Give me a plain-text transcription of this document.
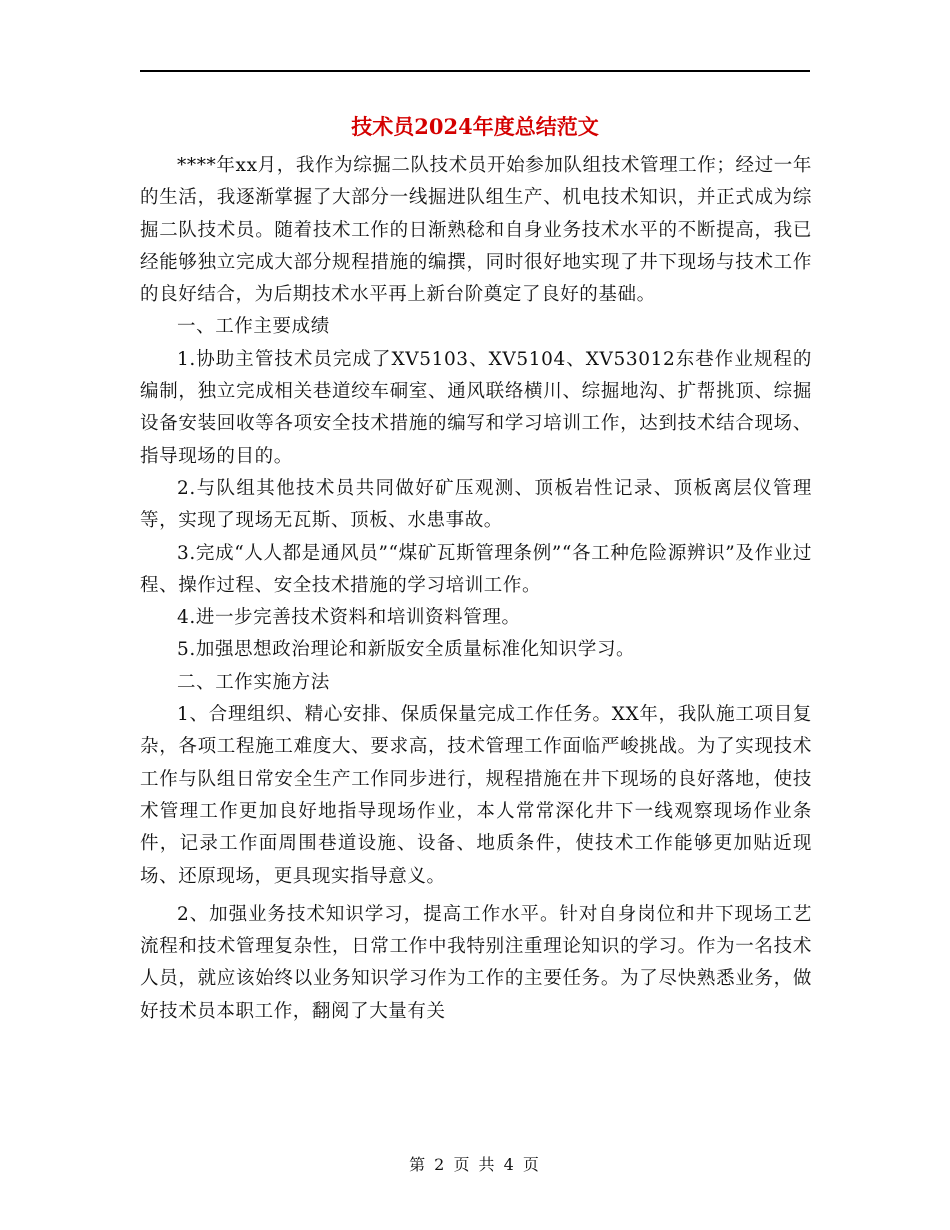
技术员2024年度总结范文

****年xx月，我作为综掘二队技术员开始参加队组技术管理工作；经过一年的生活，我逐渐掌握了大部分一线掘进队组生产、机电技术知识，并正式成为综掘二队技术员。随着技术工作的日渐熟稔和自身业务技术水平的不断提高，我已经能够独立完成大部分规程措施的编撰，同时很好地实现了井下现场与技术工作的良好结合，为后期技术水平再上新台阶奠定了良好的基础。

一、工作主要成绩

1.协助主管技术员完成了XV5103、XV5104、XV53012东巷作业规程的编制，独立完成相关巷道绞车硐室、通风联络横川、综掘地沟、扩帮挑顶、综掘设备安装回收等各项安全技术措施的编写和学习培训工作，达到技术结合现场、指导现场的目的。

2.与队组其他技术员共同做好矿压观测、顶板岩性记录、顶板离层仪管理等，实现了现场无瓦斯、顶板、水患事故。

3.完成“人人都是通风员”“煤矿瓦斯管理条例”“各工种危险源辨识”及作业过程、操作过程、安全技术措施的学习培训工作。

4.进一步完善技术资料和培训资料管理。

5.加强思想政治理论和新版安全质量标准化知识学习。

二、工作实施方法

1、合理组织、精心安排、保质保量完成工作任务。XX年，我队施工项目复杂，各项工程施工难度大、要求高，技术管理工作面临严峻挑战。为了实现技术工作与队组日常安全生产工作同步进行，规程措施在井下现场的良好落地，使技术管理工作更加良好地指导现场作业，本人常常深化井下一线观察现场作业条件，记录工作面周围巷道设施、设备、地质条件，使技术工作能够更加贴近现场、还原现场，更具现实指导意义。

2、加强业务技术知识学习，提高工作水平。针对自身岗位和井下现场工艺流程和技术管理复杂性，日常工作中我特别注重理论知识的学习。作为一名技术人员，就应该始终以业务知识学习作为工作的主要任务。为了尽快熟悉业务，做好技术员本职工作，翻阅了大量有关

第 2 页 共 4 页
